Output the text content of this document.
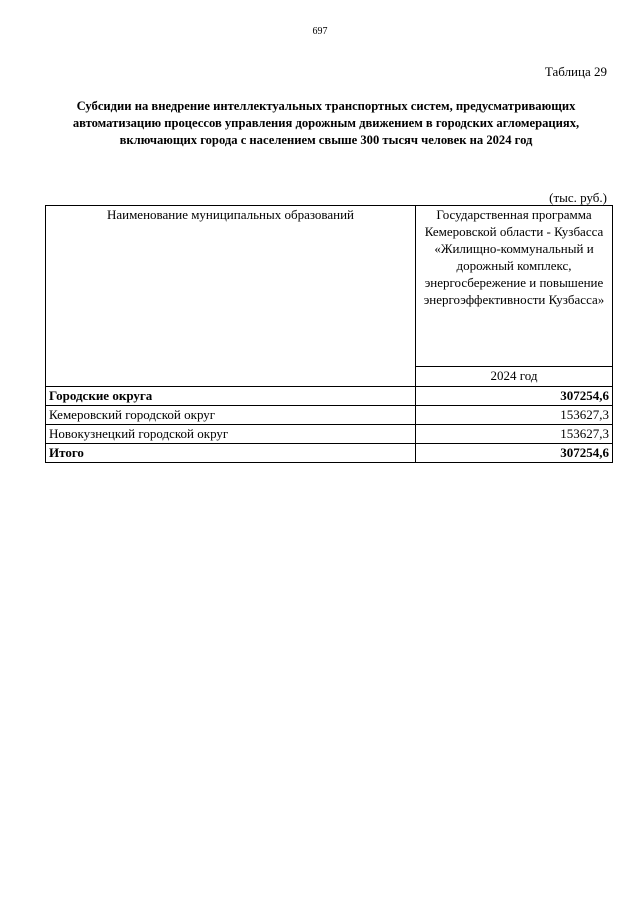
697
Таблица 29
Субсидии на внедрение интеллектуальных транспортных систем, предусматривающих автоматизацию процессов управления дорожным движением в городских агломерациях, включающих города с населением свыше 300 тысяч человек на 2024 год
(тыс. руб.)
Наименование муниципальных образований	Государственная программа Кемеровской области - Кузбасса «Жилищно-коммунальный и дорожный комплекс, энергосбережение и повышение энергоэффективности Кузбасса»
	2024 год
Городские округа	307254,6
Кемеровский городской округ	153627,3
Новокузнецкий городской округ	153627,3
Итого	307254,6
